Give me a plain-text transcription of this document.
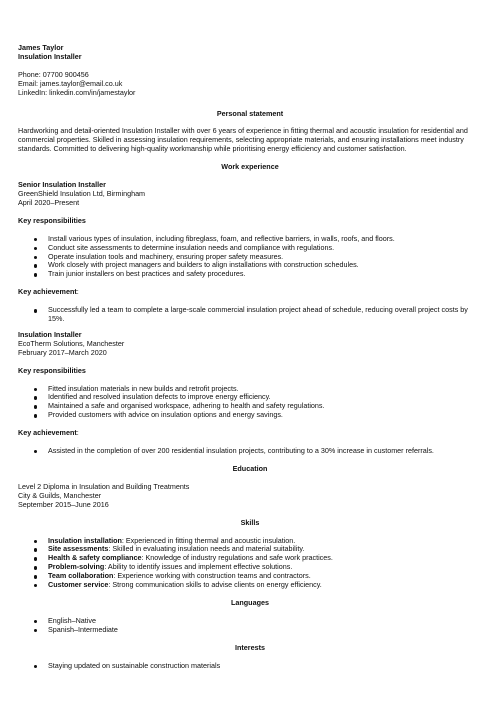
James Taylor

Insulation Installer

Phone: 07700 900456

Email: james.taylor@email.co.uk

LinkedIn: linkedin.com/in/jamestaylor

Personal statement

Hardworking and detail-oriented Insulation Installer with over 6 years of experience in fitting thermal and acoustic insulation for residential and commercial properties. Skilled in assessing insulation requirements, selecting appropriate materials, and ensuring installations meet industry standards. Committed to delivering high-quality workmanship while prioritising energy efficiency and customer satisfaction.

Work experience

Senior Insulation Installer

GreenShield Insulation Ltd, Birmingham

April 2020–Present

Key responsibilities

Install various types of insulation, including fibreglass, foam, and reflective barriers, in walls, roofs, and floors.
Conduct site assessments to determine insulation needs and compliance with regulations.
Operate insulation tools and machinery, ensuring proper safety measures.
Work closely with project managers and builders to align installations with construction schedules.
Train junior installers on best practices and safety procedures.

Key achievement:

Successfully led a team to complete a large-scale commercial insulation project ahead of schedule, reducing overall project costs by 15%.

Insulation Installer

EcoTherm Solutions, Manchester

February 2017–March 2020

Key responsibilities

Fitted insulation materials in new builds and retrofit projects.
Identified and resolved insulation defects to improve energy efficiency.
Maintained a safe and organised workspace, adhering to health and safety regulations.
Provided customers with advice on insulation options and energy savings.

Key achievement:

Assisted in the completion of over 200 residential insulation projects, contributing to a 30% increase in customer referrals.

Education

Level 2 Diploma in Insulation and Building Treatments

City & Guilds, Manchester

September 2015–June 2016

Skills

Insulation installation: Experienced in fitting thermal and acoustic insulation.
Site assessments: Skilled in evaluating insulation needs and material suitability.
Health & safety compliance: Knowledge of industry regulations and safe work practices.
Problem-solving: Ability to identify issues and implement effective solutions.
Team collaboration: Experience working with construction teams and contractors.
Customer service: Strong communication skills to advise clients on energy efficiency.

Languages

English–Native
Spanish–Intermediate

Interests

Staying updated on sustainable construction materials
